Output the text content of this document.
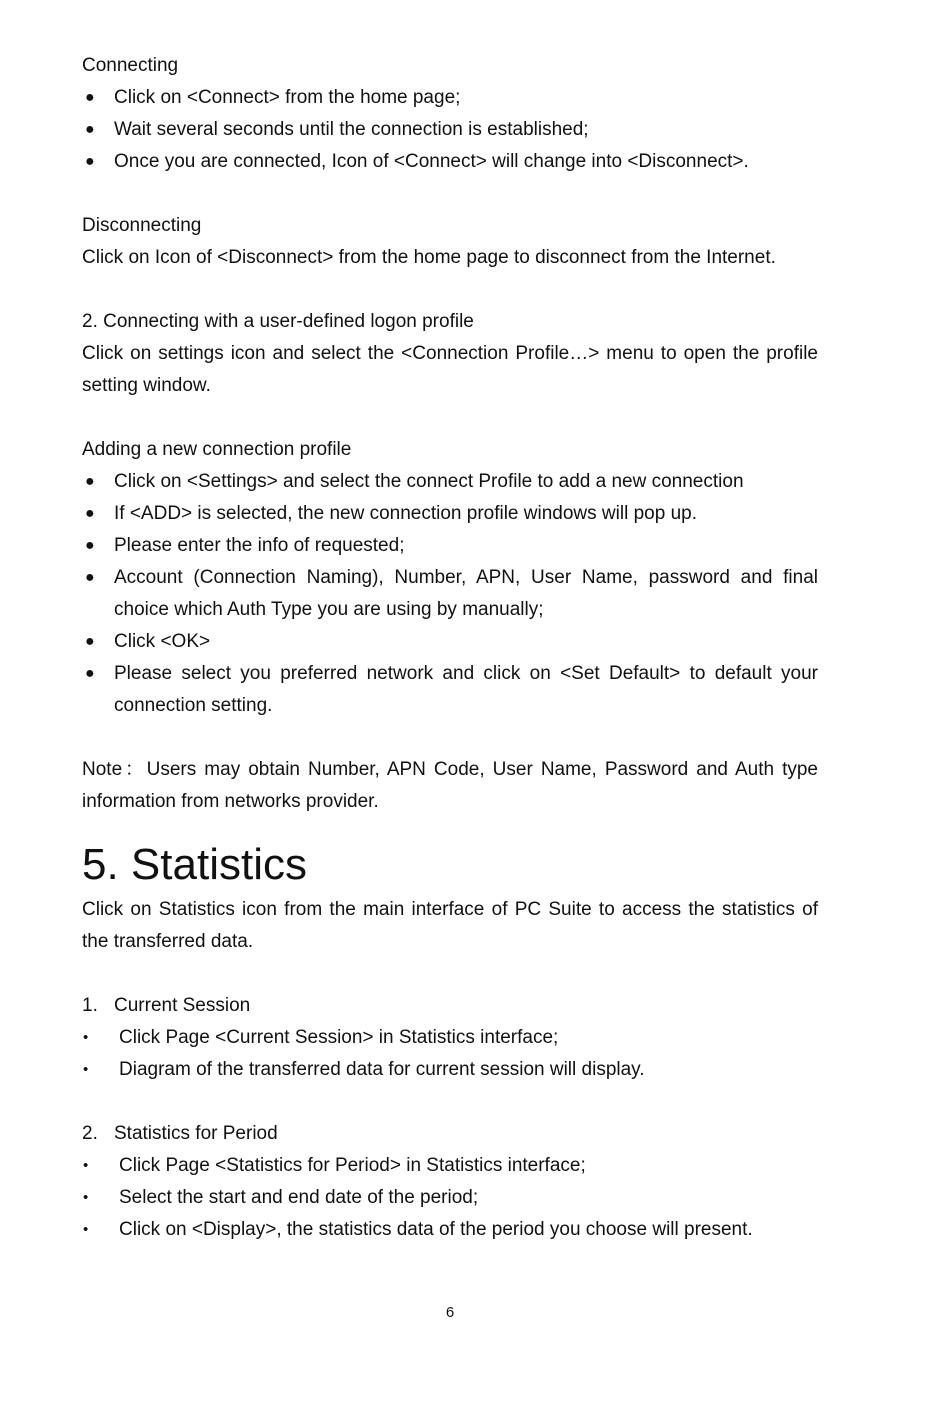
Connecting
● Click on <Connect> from the home page;
● Wait several seconds until the connection is established;
● Once you are connected, Icon of <Connect> will change into <Disconnect>.
Disconnecting
Click on Icon of <Disconnect> from the home page to disconnect from the Internet.
2. Connecting with a user-defined logon profile
Click on settings icon and select the <Connection Profile…> menu to open the profile setting window.
Adding a new connection profile
● Click on <Settings> and select the connect Profile to add a new connection
● If <ADD> is selected, the new connection profile windows will pop up.
● Please enter the info of requested;
● Account (Connection Naming), Number, APN, User Name, password and final choice which Auth Type you are using by manually;
● Click <OK>
● Please select you preferred network and click on <Set Default> to default your connection setting.
Note：Users may obtain Number, APN Code, User Name, Password and Auth type information from networks provider.
5. Statistics
Click on Statistics icon from the main interface of PC Suite to access the statistics of the transferred data.
1. Current Session
• Click Page <Current Session> in Statistics interface;
• Diagram of the transferred data for current session will display.
2. Statistics for Period
• Click Page <Statistics for Period> in Statistics interface;
• Select the start and end date of the period;
• Click on <Display>, the statistics data of the period you choose will present.
6
